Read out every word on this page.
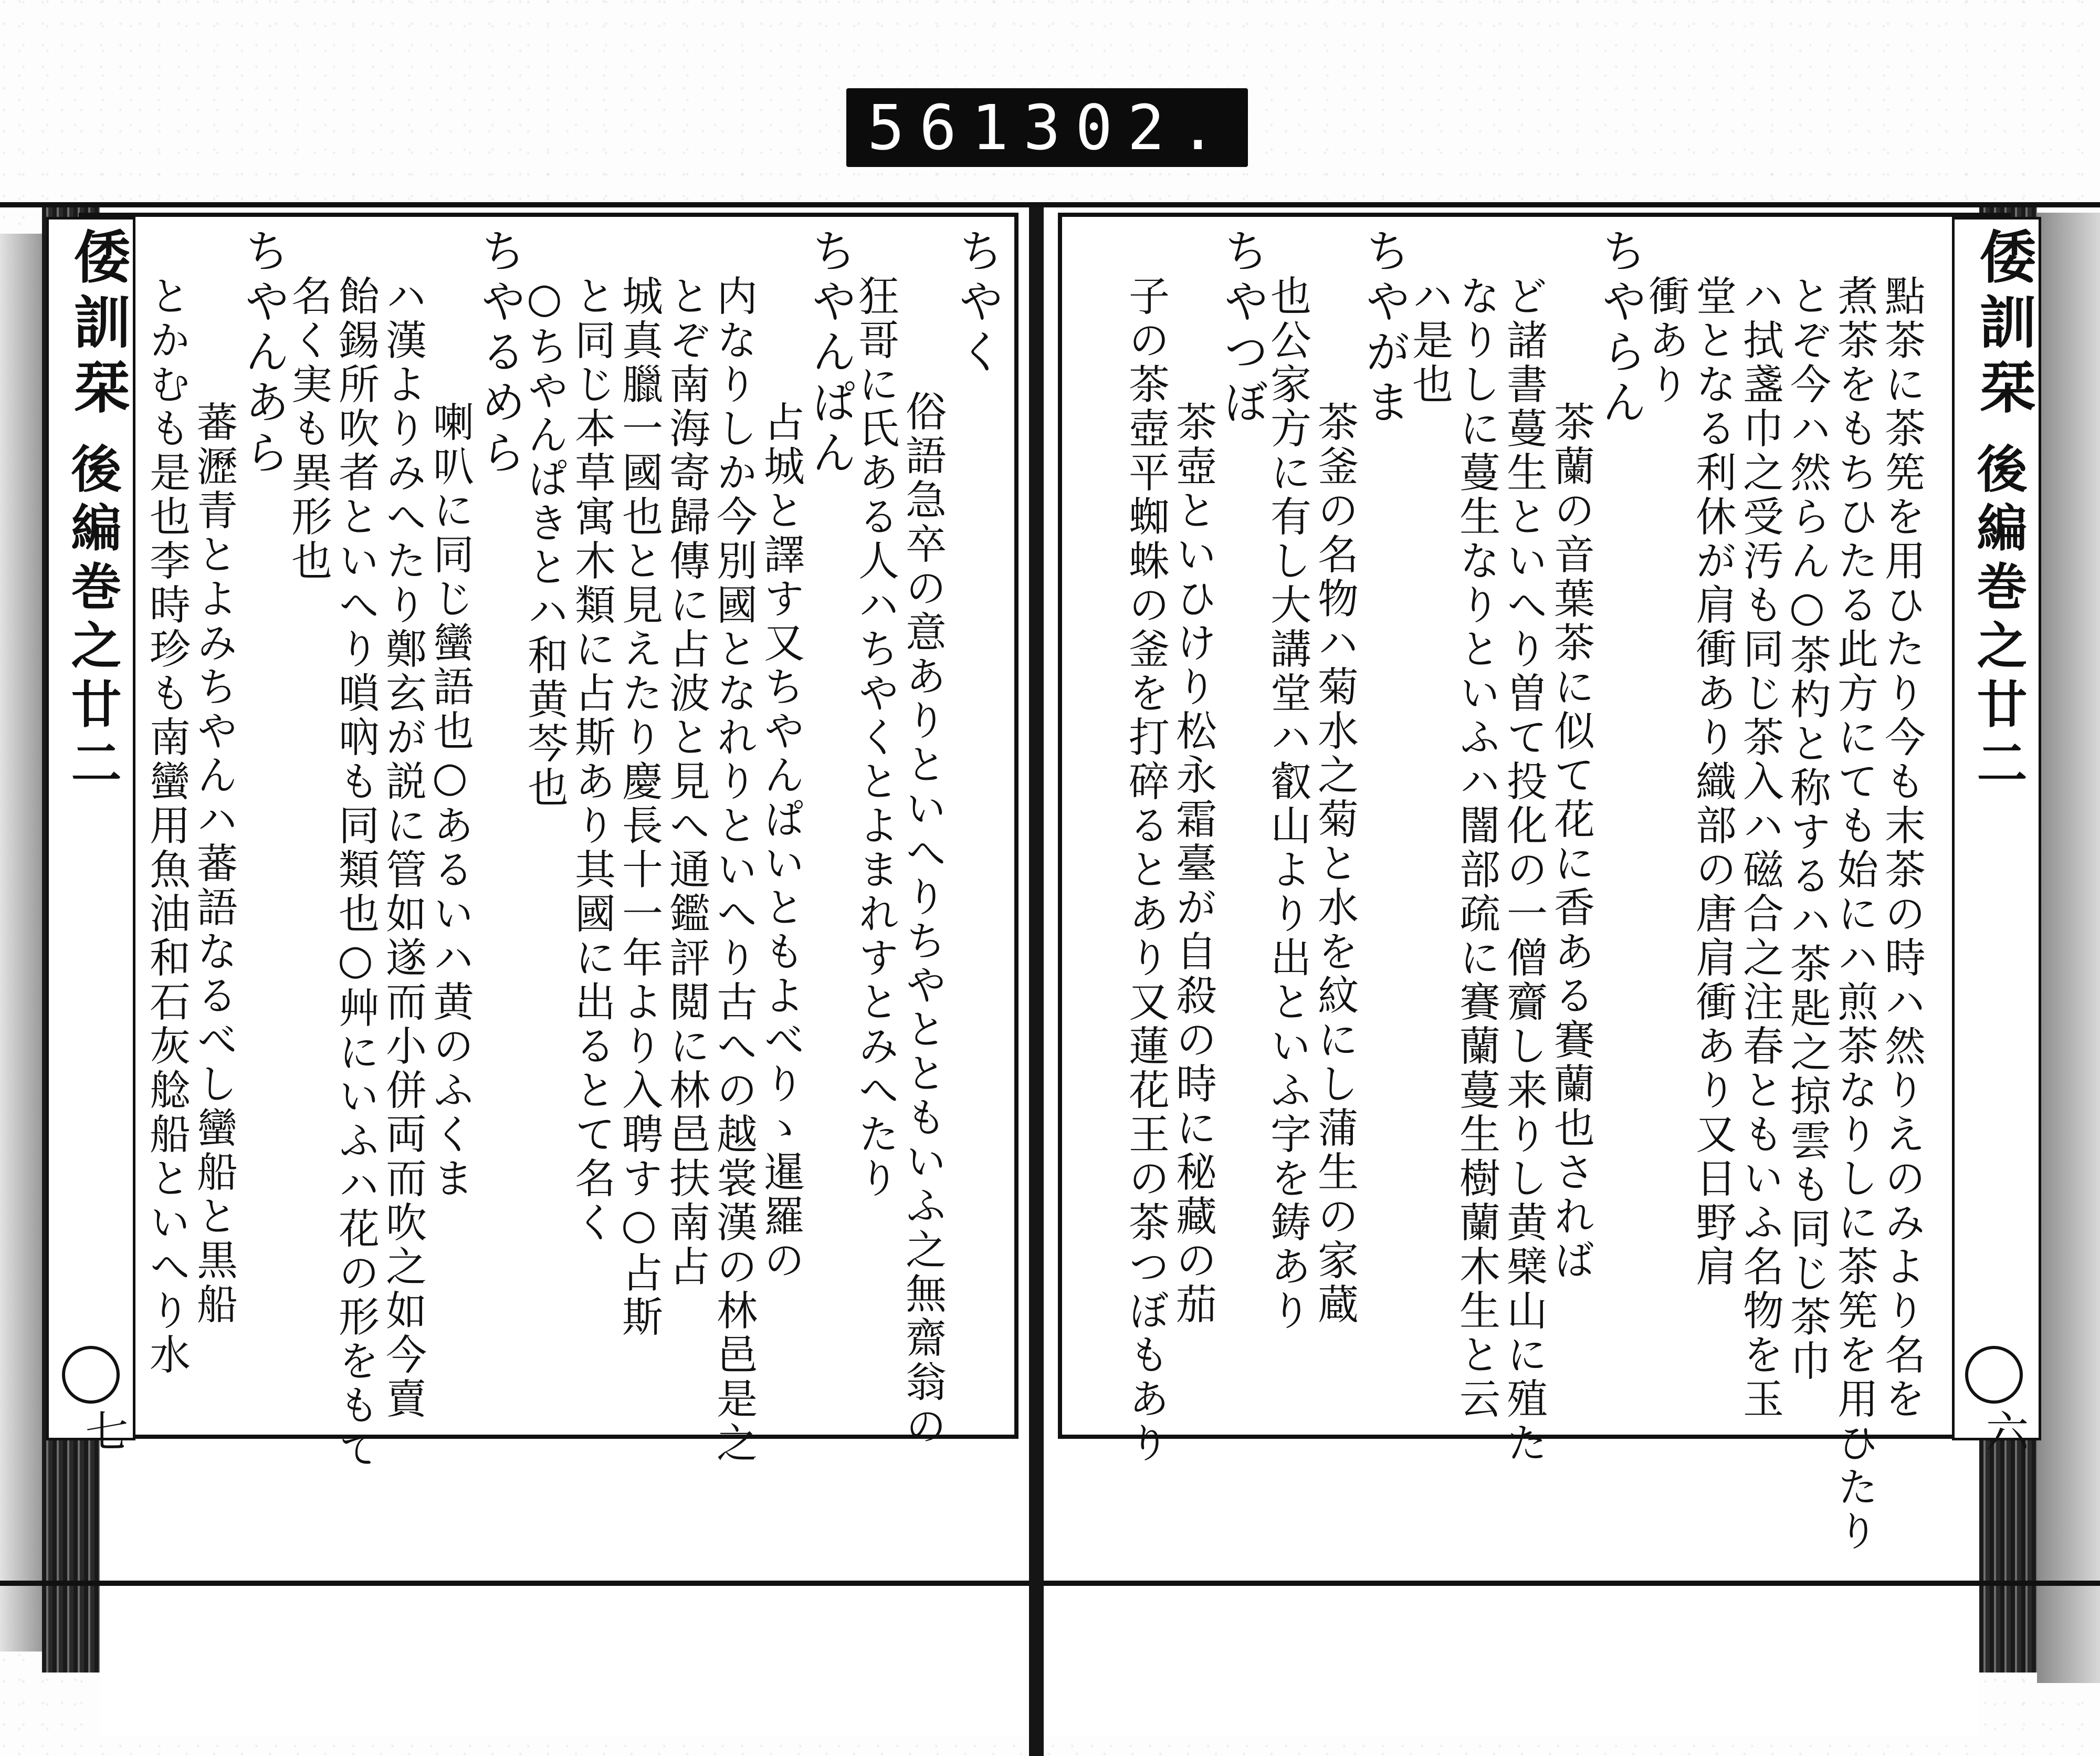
561 302.
倭訓栞
後編巻之廿二
七
ちやく
俗語急卒の意ありといへりちやとともいふ之無齋翁の
狂哥に氏ある人ハちやくとよまれすとみへたり
ちやんぱん
占城と譯す又ちやんぱいともよべりゝ暹羅の
内なりしか今別國となれりといへり古への越裳漢の林邑是之
とぞ南海寄歸傳に占波と見へ通鑑評閲に林邑扶南占
城真臘一國也と見えたり慶長十一年より入聘す○占斯
と同じ本草寓木類に占斯あり其國に出るとて名く
○ちやんぱきとハ和黄芩也
ちやるめら
喇叭に同じ蠻語也○あるいハ黄のふくま
ハ漢よりみへたり鄭玄が説に管如遂而小併両而吹之如今賣
飴錫所吹者といへり嗩吶も同類也○艸にいふハ花の形をもて
名く実も異形也
ちやんあら
蕃瀝青とよみちやんハ蕃語なるべし蠻船と黒船
とかむも是也李時珍も南蠻用魚油和石灰艌船といへり水	點茶に茶筅を用ひたり今も末茶の時ハ然りえのみより名を
煮茶をもちひたる此方にても始にハ煎茶なりしに茶筅を用ひたり
とぞ今ハ然らん○茶杓と称するハ茶匙之掠雲も同じ茶巾
ハ拭盞巾之受汚も同じ茶入ハ磁合之注春ともいふ名物を玉
堂となる利休が肩衝あり織部の唐肩衝あり又日野肩
衝あり
ちやらん
茶蘭の音葉茶に似て花に香ある賽蘭也されば
ど諸書蔓生といへり曽て投化の一僧齎し来りし黄檗山に殖た
なりしに蔓生なりといふハ闇部疏に賽蘭蔓生樹蘭木生と云
ハ是也
ちやがま
茶釜の名物ハ菊水之菊と水を紋にし蒲生の家蔵
也公家方に有し大講堂ハ叡山より出といふ字を鋳あり
ちやつぼ
茶壺といひけり松永霜臺が自殺の時に秘藏の茄
子の茶壺平蜘蛛の釜を打碎るとあり又蓮花王の茶つぼもあり	倭訓栞
後編巻之廿二
六
